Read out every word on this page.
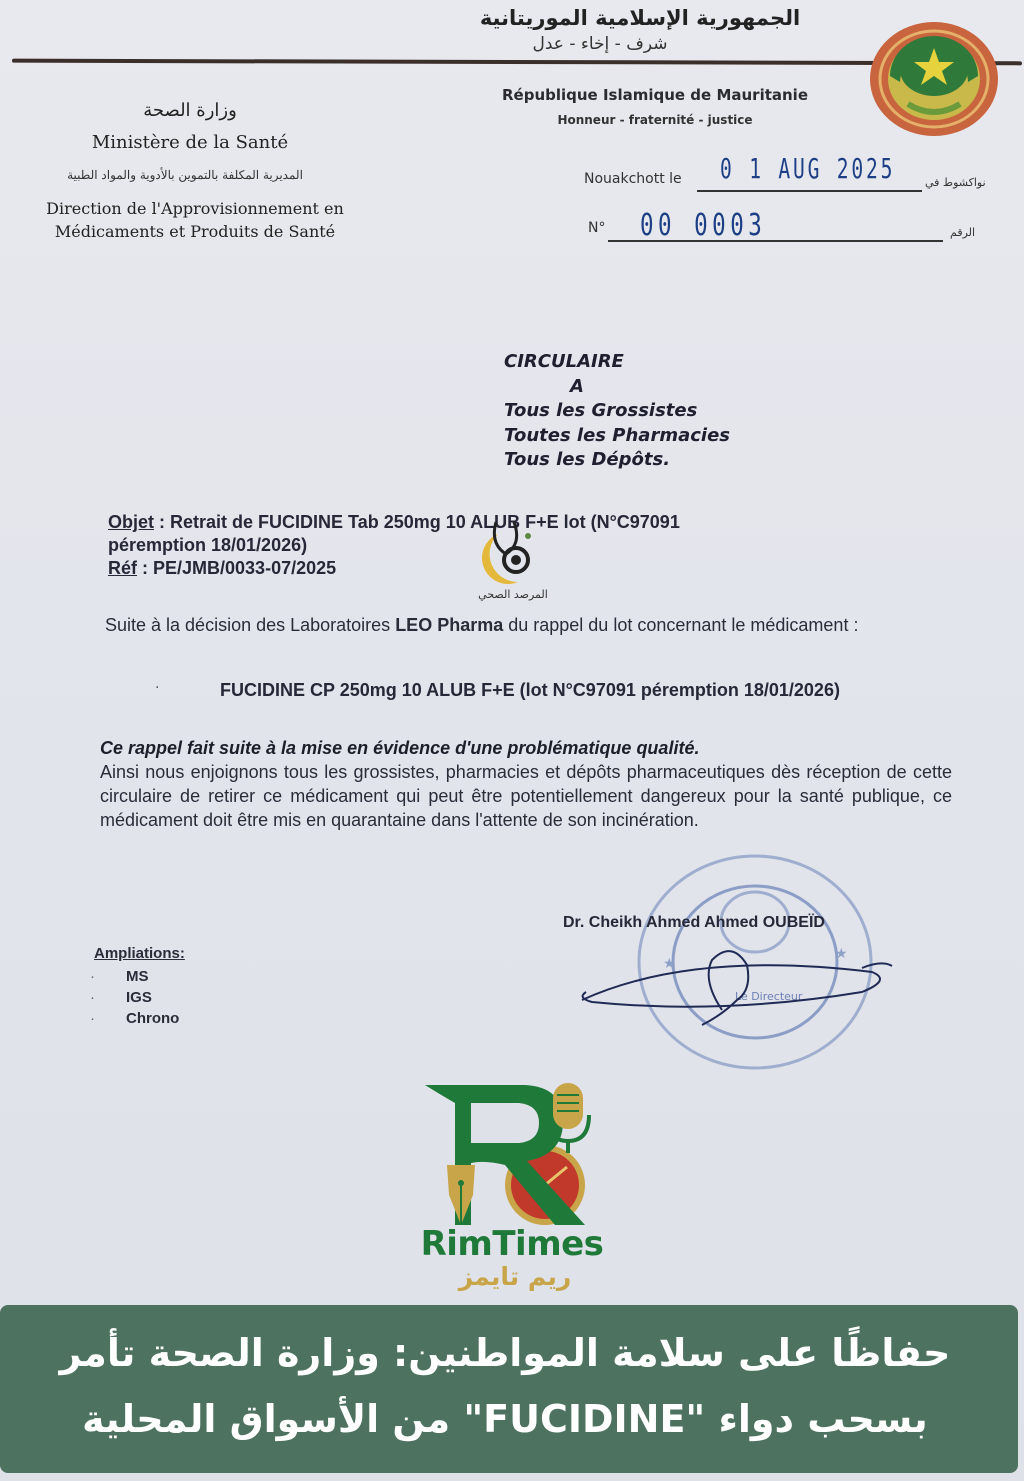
الجمهورية الإسلامية الموريتانية
شرف - إخاء - عدل
République Islamique de Mauritanie
Honneur - fraternité - justice
وزارة الصحة
Ministère de la Santé
المديرية المكلفة بالتموين بالأدوية والمواد الطبية
Direction de l'Approvisionnement en
Médicaments et Produits de Santé
Nouakchott le 0 1 AUG 2025	نواكشوط في
N° 00 0003	الرقم
CIRCULAIRE
A
Tous les Grossistes
Toutes les Pharmacies
Tous les Dépôts.
Objet : Retrait de FUCIDINE Tab 250mg 10 ALUB F+E lot (N°C97091
péremption 18/01/2026)
Réf : PE/JMB/0033-07/2025
المرصد الصحي
Suite à la décision des Laboratoires LEO Pharma du rappel du lot concernant le médicament :
·	FUCIDINE CP 250mg 10 ALUB F+E (lot N°C97091 péremption 18/01/2026)
Ce rappel fait suite à la mise en évidence d'une problématique qualité.
Ainsi nous enjoignons tous les grossistes, pharmacies et dépôts pharmaceutiques dès réception de cette circulaire de retirer ce médicament qui peut être potentiellement dangereux pour la santé publique, ce médicament doit être mis en quarantaine dans l'attente de son incinération.
★
★
Le Directeur
Dr. Cheikh Ahmed Ahmed OUBEÏD
Ampliations:
· MS
· IGS
· Chrono
RimTimes
ريم تايمز
حفاظًا على سلامة المواطنين: وزارة الصحة تأمر
بسحب دواء "FUCIDINE" من الأسواق المحلية
